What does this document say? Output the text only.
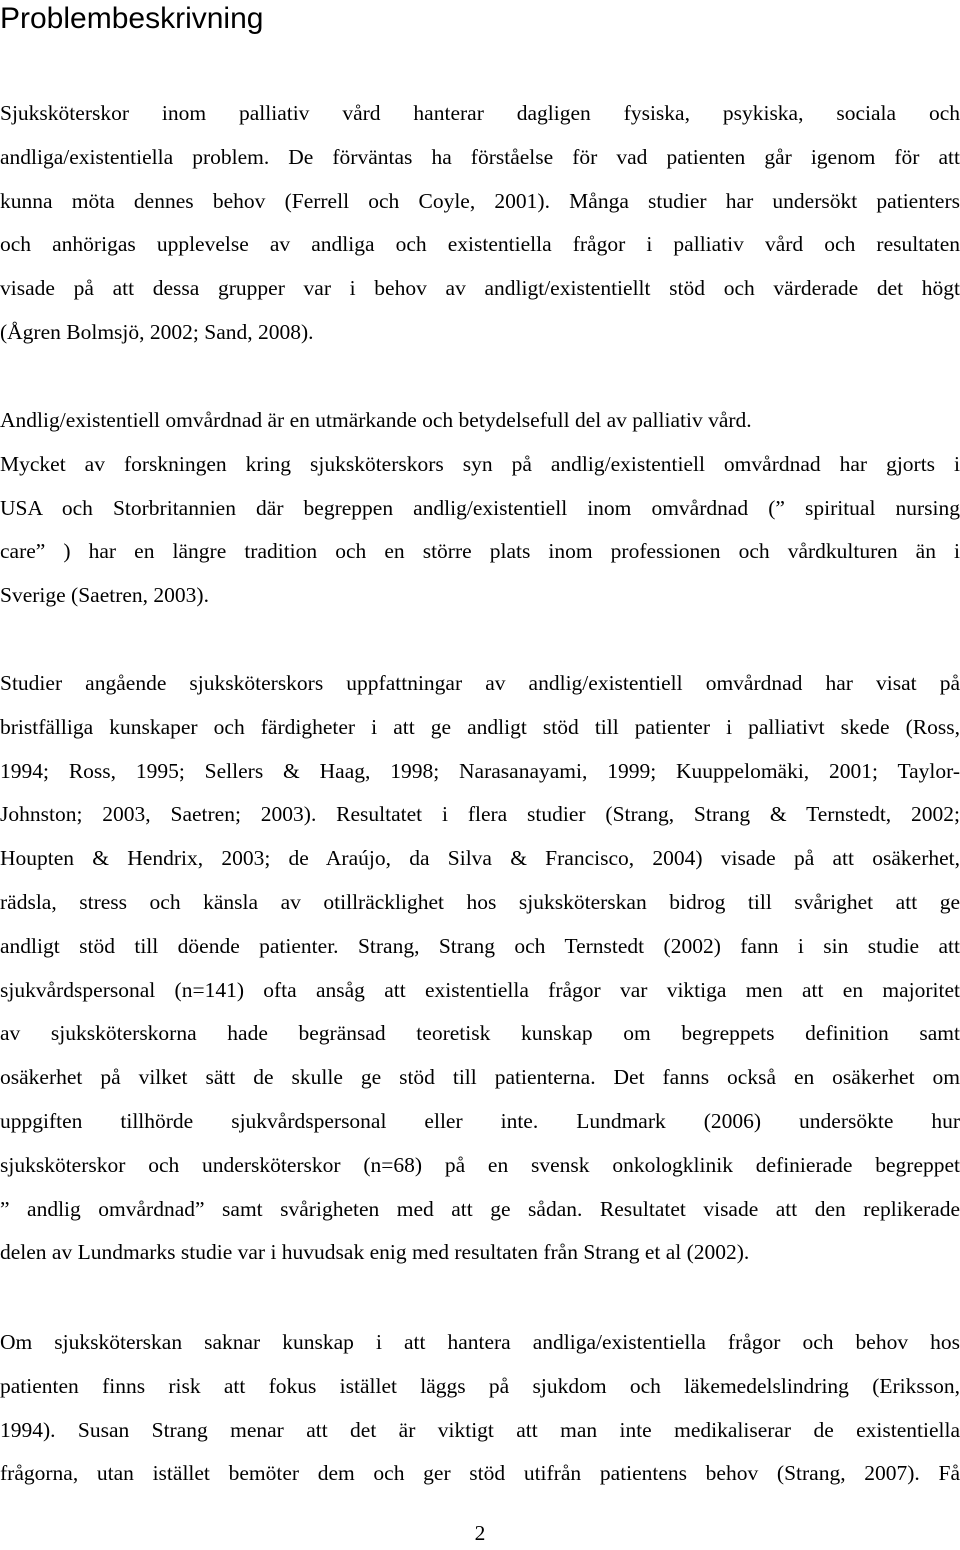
Problembeskrivning

Sjuksköterskor inom palliativ vård hanterar dagligen fysiska, psykiska, sociala och
andliga/existentiella problem. De förväntas ha förståelse för vad patienten går igenom för att
kunna möta dennes behov (Ferrell och Coyle, 2001). Många studier har undersökt patienters
och anhörigas upplevelse av andliga och existentiella frågor i palliativ vård och resultaten
visade på att dessa grupper var i behov av andligt/existentiellt stöd och värderade det högt
(Ågren Bolmsjö, 2002; Sand, 2008).

Andlig/existentiell omvårdnad är en utmärkande och betydelsefull del av palliativ vård.
Mycket av forskningen kring sjuksköterskors syn på andlig/existentiell omvårdnad har gjorts i
USA och Storbritannien där begreppen andlig/existentiell inom omvårdnad (” spiritual nursing
care” ) har en längre tradition och en större plats inom professionen och vårdkulturen än i
Sverige (Saetren, 2003).

Studier angående sjuksköterskors uppfattningar av andlig/existentiell omvårdnad har visat på
bristfälliga kunskaper och färdigheter i att ge andligt stöd till patienter i palliativt skede (Ross,
1994; Ross, 1995; Sellers & Haag, 1998; Narasanayami, 1999; Kuuppelomäki, 2001; Taylor-
Johnston; 2003, Saetren; 2003). Resultatet i flera studier (Strang, Strang & Ternstedt, 2002;
Houpten & Hendrix, 2003; de Araújo, da Silva & Francisco, 2004) visade på att osäkerhet,
rädsla, stress och känsla av otillräcklighet hos sjuksköterskan bidrog till svårighet att ge
andligt stöd till döende patienter. Strang, Strang och Ternstedt (2002) fann i sin studie att
sjukvårdspersonal (n=141) ofta ansåg att existentiella frågor var viktiga men att en majoritet
av sjuksköterskorna hade begränsad teoretisk kunskap om begreppets definition samt
osäkerhet på vilket sätt de skulle ge stöd till patienterna. Det fanns också en osäkerhet om
uppgiften tillhörde sjukvårdspersonal eller inte. Lundmark (2006) undersökte hur
sjuksköterskor och undersköterskor (n=68) på en svensk onkologklinik definierade begreppet
” andlig omvårdnad” samt svårigheten med att ge sådan. Resultatet visade att den replikerade
delen av Lundmarks studie var i huvudsak enig med resultaten från Strang et al (2002).

Om sjuksköterskan saknar kunskap i att hantera andliga/existentiella frågor och behov hos
patienten finns risk att fokus istället läggs på sjukdom och läkemedelslindring (Eriksson,
1994). Susan Strang menar att det är viktigt att man inte medikaliserar de existentiella
frågorna, utan istället bemöter dem och ger stöd utifrån patientens behov (Strang, 2007). Få

2
